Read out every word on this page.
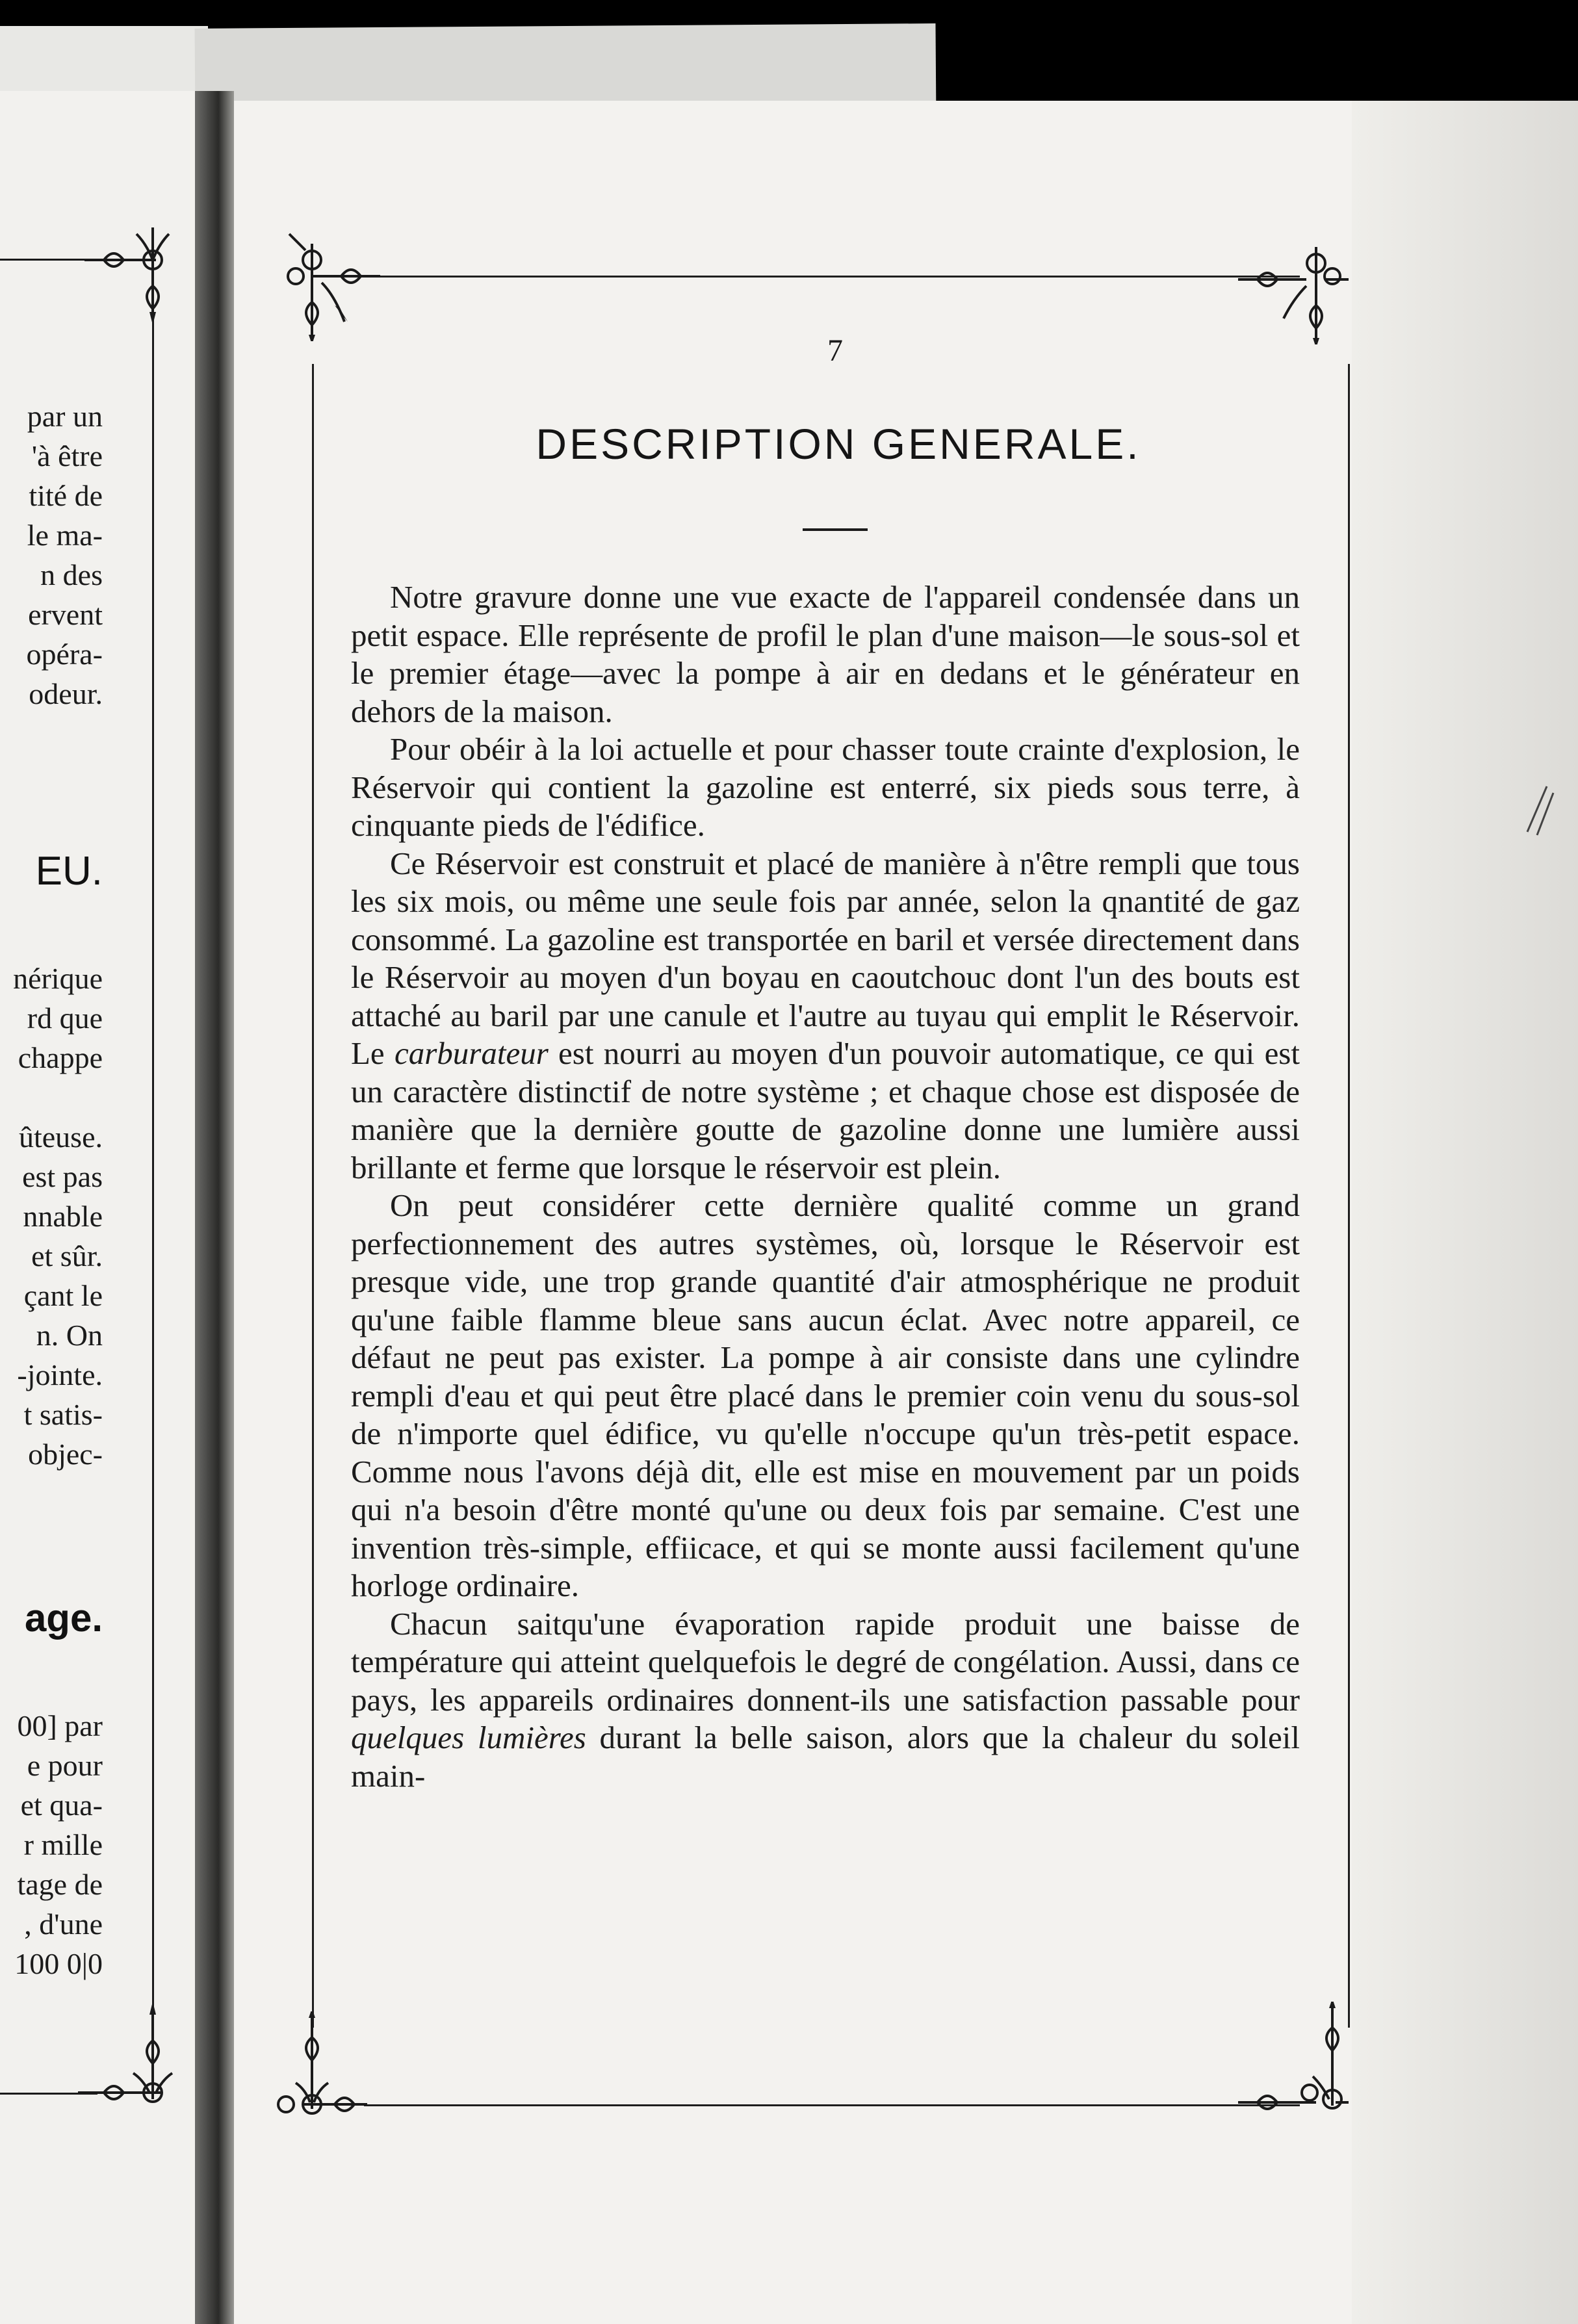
par un
'à être
tité de
le ma-
n des
ervent
opéra-
odeur.
EU.
nérique
rd que
chappe
ûteuse.
est pas
nnable
et sûr.
çant le
n. On
-jointe.
t satis-
objec-
age.
00] par
e pour
et qua-
r mille
tage de
, d'une
100 0|0
7
DESCRIPTION GENERALE.

Notre gravure donne une vue exacte de l'appareil condensée dans un petit espace. Elle représente de profil le plan d'une maison—le sous-sol et le premier étage—avec la pompe à air en dedans et le générateur en dehors de la maison.

Pour obéir à la loi actuelle et pour chasser toute crainte d'explosion, le Réservoir qui contient la gazoline est enterré, six pieds sous terre, à cinquante pieds de l'édifice.

Ce Réservoir est construit et placé de manière à n'être rempli que tous les six mois, ou même une seule fois par année, selon la qnantité de gaz consommé. La gazoline est transportée en baril et versée directement dans le Réservoir au moyen d'un boyau en caoutchouc dont l'un des bouts est attaché au baril par une canule et l'autre au tuyau qui emplit le Réservoir. Le carburateur est nourri au moyen d'un pouvoir automatique, ce qui est un caractère distinctif de notre système ; et chaque chose est disposée de manière que la dernière goutte de gazoline donne une lumière aussi brillante et ferme que lorsque le réservoir est plein.

On peut considérer cette dernière qualité comme un grand perfectionnement des autres systèmes, où, lorsque le Réservoir est presque vide, une trop grande quantité d'air atmosphérique ne produit qu'une faible flamme bleue sans aucun éclat. Avec notre appareil, ce défaut ne peut pas exister. La pompe à air consiste dans une cylindre rempli d'eau et qui peut être placé dans le premier coin venu du sous-sol de n'importe quel édifice, vu qu'elle n'occupe qu'un très-petit espace. Comme nous l'avons déjà dit, elle est mise en mouvement par un poids qui n'a besoin d'être monté qu'une ou deux fois par semaine. C'est une invention très-simple, effiicace, et qui se monte aussi facilement qu'une horloge ordinaire.

Chacun saitqu'une évaporation rapide produit une baisse de température qui atteint quelquefois le degré de congélation. Aussi, dans ce pays, les appareils ordinaires donnent-ils une satisfaction passable pour quelques lumières durant la belle saison, alors que la chaleur du soleil main-
